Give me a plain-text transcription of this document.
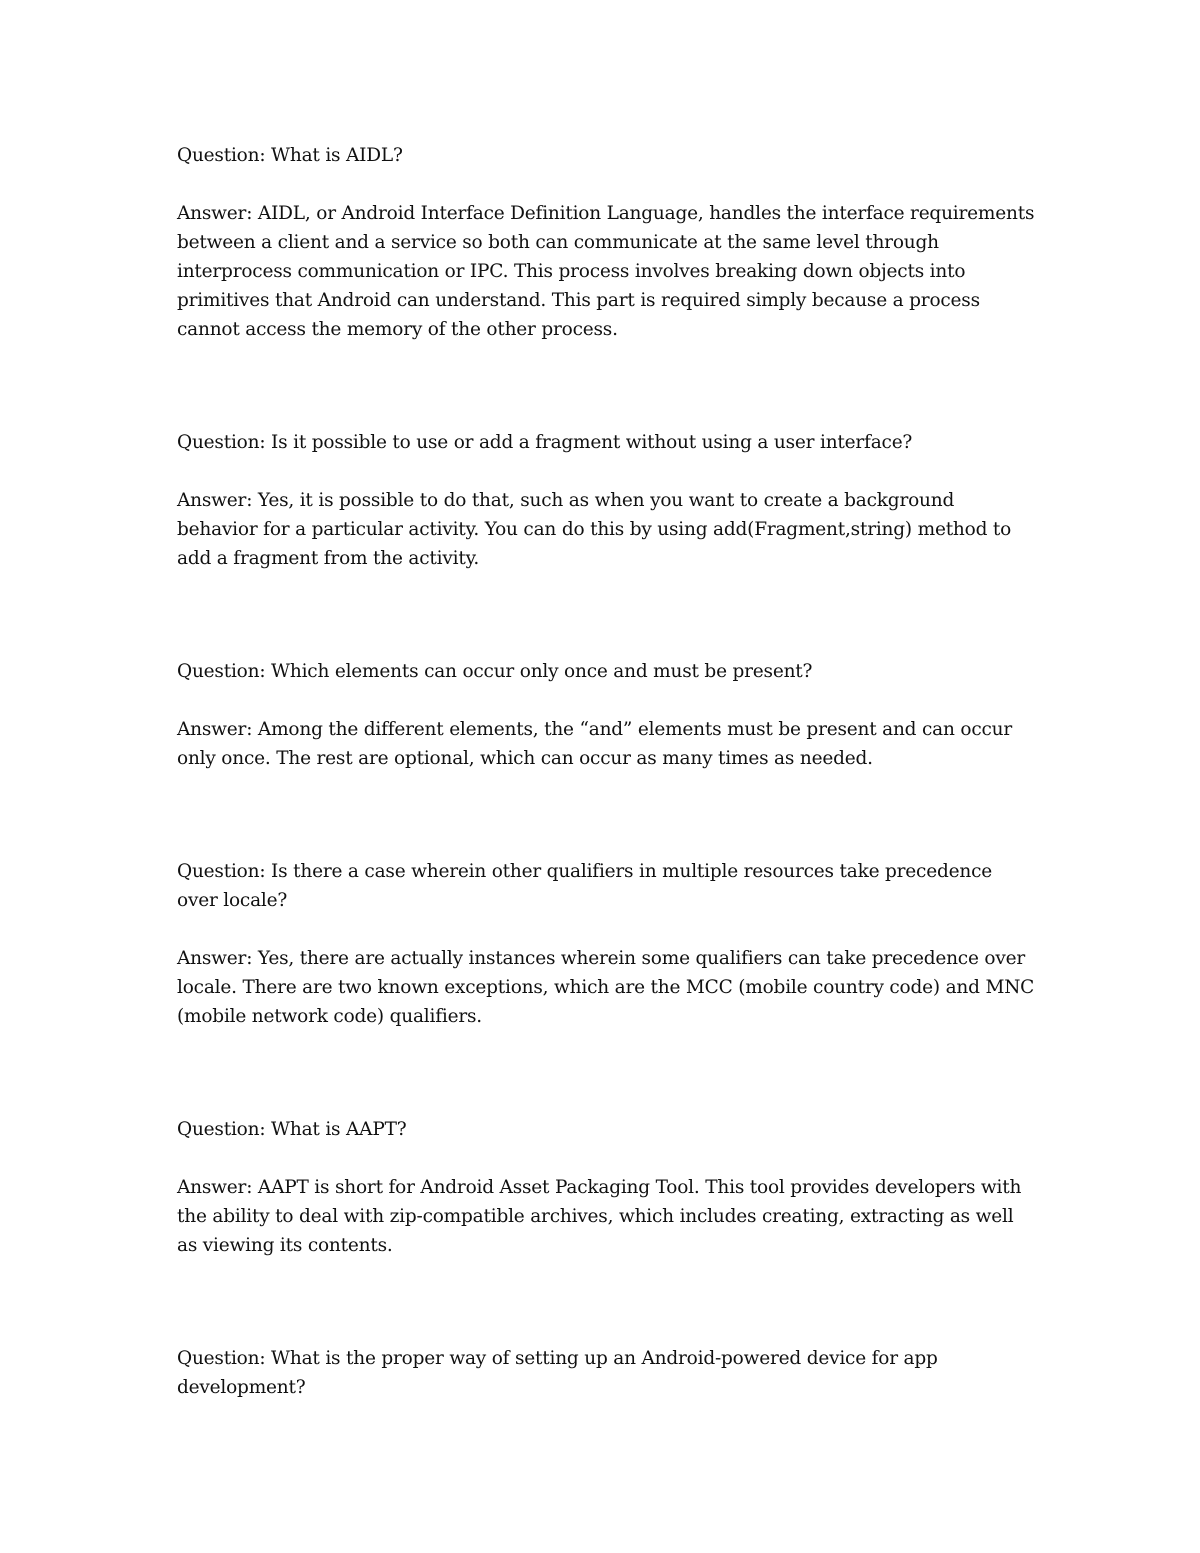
Question: What is AIDL?

Answer: AIDL, or Android Interface Definition Language, handles the interface requirements between a client and a service so both can communicate at the same level through interprocess communication or IPC. This process involves breaking down objects into primitives that Android can understand. This part is required simply because a process cannot access the memory of the other process.

Question: Is it possible to use or add a fragment without using a user interface?

Answer: Yes, it is possible to do that, such as when you want to create a background behavior for a particular activity. You can do this by using add(Fragment,string) method to add a fragment from the activity.

Question: Which elements can occur only once and must be present?

Answer: Among the different elements, the “and” elements must be present and can occur only once. The rest are optional, which can occur as many times as needed.

Question: Is there a case wherein other qualifiers in multiple resources take precedence over locale?

Answer: Yes, there are actually instances wherein some qualifiers can take precedence over locale. There are two known exceptions, which are the MCC (mobile country code) and MNC (mobile network code) qualifiers.

Question: What is AAPT?

Answer: AAPT is short for Android Asset Packaging Tool. This tool provides developers with the ability to deal with zip-compatible archives, which includes creating, extracting as well as viewing its contents.

Question: What is the proper way of setting up an Android-powered device for app development?
